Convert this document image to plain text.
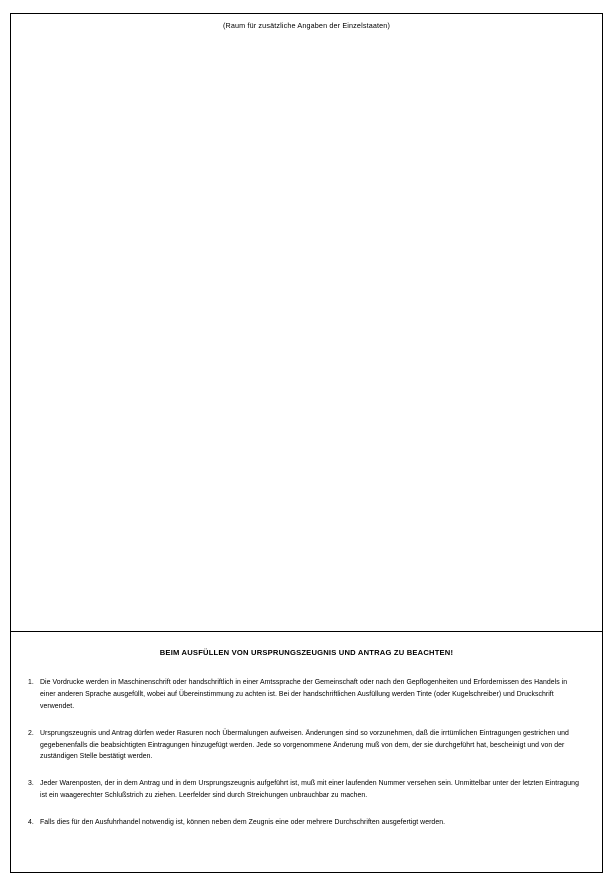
(Raum für zusätzliche Angaben der Einzelstaaten)
BEIM AUSFÜLLEN VON URSPRUNGSZEUGNIS UND ANTRAG ZU BEACHTEN!
1. Die Vordrucke werden in Maschinenschrift oder handschriftlich in einer Amtssprache der Gemeinschaft oder nach den Gepflogenheiten und Erfordernissen des Handels in einer anderen Sprache ausgefüllt, wobei auf Übereinstimmung zu achten ist. Bei der handschriftlichen Ausfüllung werden Tinte (oder Kugelschreiber) und Druckschrift verwendet.
2. Ursprungszeugnis und Antrag dürfen weder Rasuren noch Übermalungen aufweisen. Änderungen sind so vorzunehmen, daß die irrtümlichen Eintragungen gestrichen und gegebenenfalls die beabsichtigten Eintragungen hinzugefügt werden. Jede so vorgenommene Änderung muß von dem, der sie durchgeführt hat, bescheinigt und von der zuständigen Stelle bestätigt werden.
3. Jeder Warenposten, der in dem Antrag und in dem Ursprungszeugnis aufgeführt ist, muß mit einer laufenden Nummer versehen sein. Unmittelbar unter der letzten Eintragung ist ein waagerechter Schlußstrich zu ziehen. Leerfelder sind durch Streichungen unbrauchbar zu machen.
4. Falls dies für den Ausfuhrhandel notwendig ist, können neben dem Zeugnis eine oder mehrere Durchschriften ausgefertigt werden.
